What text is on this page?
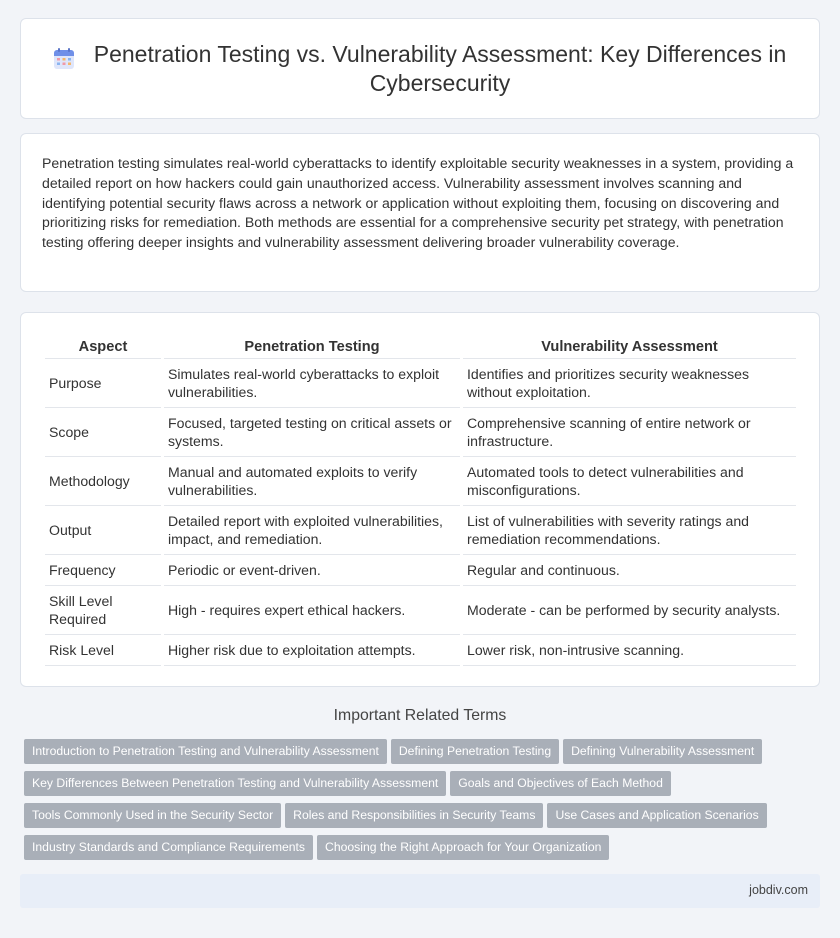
Penetration Testing vs. Vulnerability Assessment: Key Differences in Cybersecurity

Penetration testing simulates real-world cyberattacks to identify exploitable security weaknesses in a system, providing a detailed report on how hackers could gain unauthorized access. Vulnerability assessment involves scanning and identifying potential security flaws across a network or application without exploiting them, focusing on discovering and prioritizing risks for remediation. Both methods are essential for a comprehensive security pet strategy, with penetration testing offering deeper insights and vulnerability assessment delivering broader vulnerability coverage.

Aspect	Penetration Testing	Vulnerability Assessment
Purpose	Simulates real-world cyberattacks to exploit vulnerabilities.	Identifies and prioritizes security weaknesses without exploitation.
Scope	Focused, targeted testing on critical assets or systems.	Comprehensive scanning of entire network or infrastructure.
Methodology	Manual and automated exploits to verify vulnerabilities.	Automated tools to detect vulnerabilities and misconfigurations.
Output	Detailed report with exploited vulnerabilities, impact, and remediation.	List of vulnerabilities with severity ratings and remediation recommendations.
Frequency	Periodic or event-driven.	Regular and continuous.
Skill Level Required	High - requires expert ethical hackers.	Moderate - can be performed by security analysts.
Risk Level	Higher risk due to exploitation attempts.	Lower risk, non-intrusive scanning.
Important Related Terms
Introduction to Penetration Testing and Vulnerability Assessment Defining Penetration Testing Defining Vulnerability AssessmentKey Differences Between Penetration Testing and Vulnerability Assessment Goals and Objectives of Each MethodTools Commonly Used in the Security Sector Roles and Responsibilities in Security Teams Use Cases and Application ScenariosIndustry Standards and Compliance Requirements Choosing the Right Approach for Your Organization
jobdiv.com
